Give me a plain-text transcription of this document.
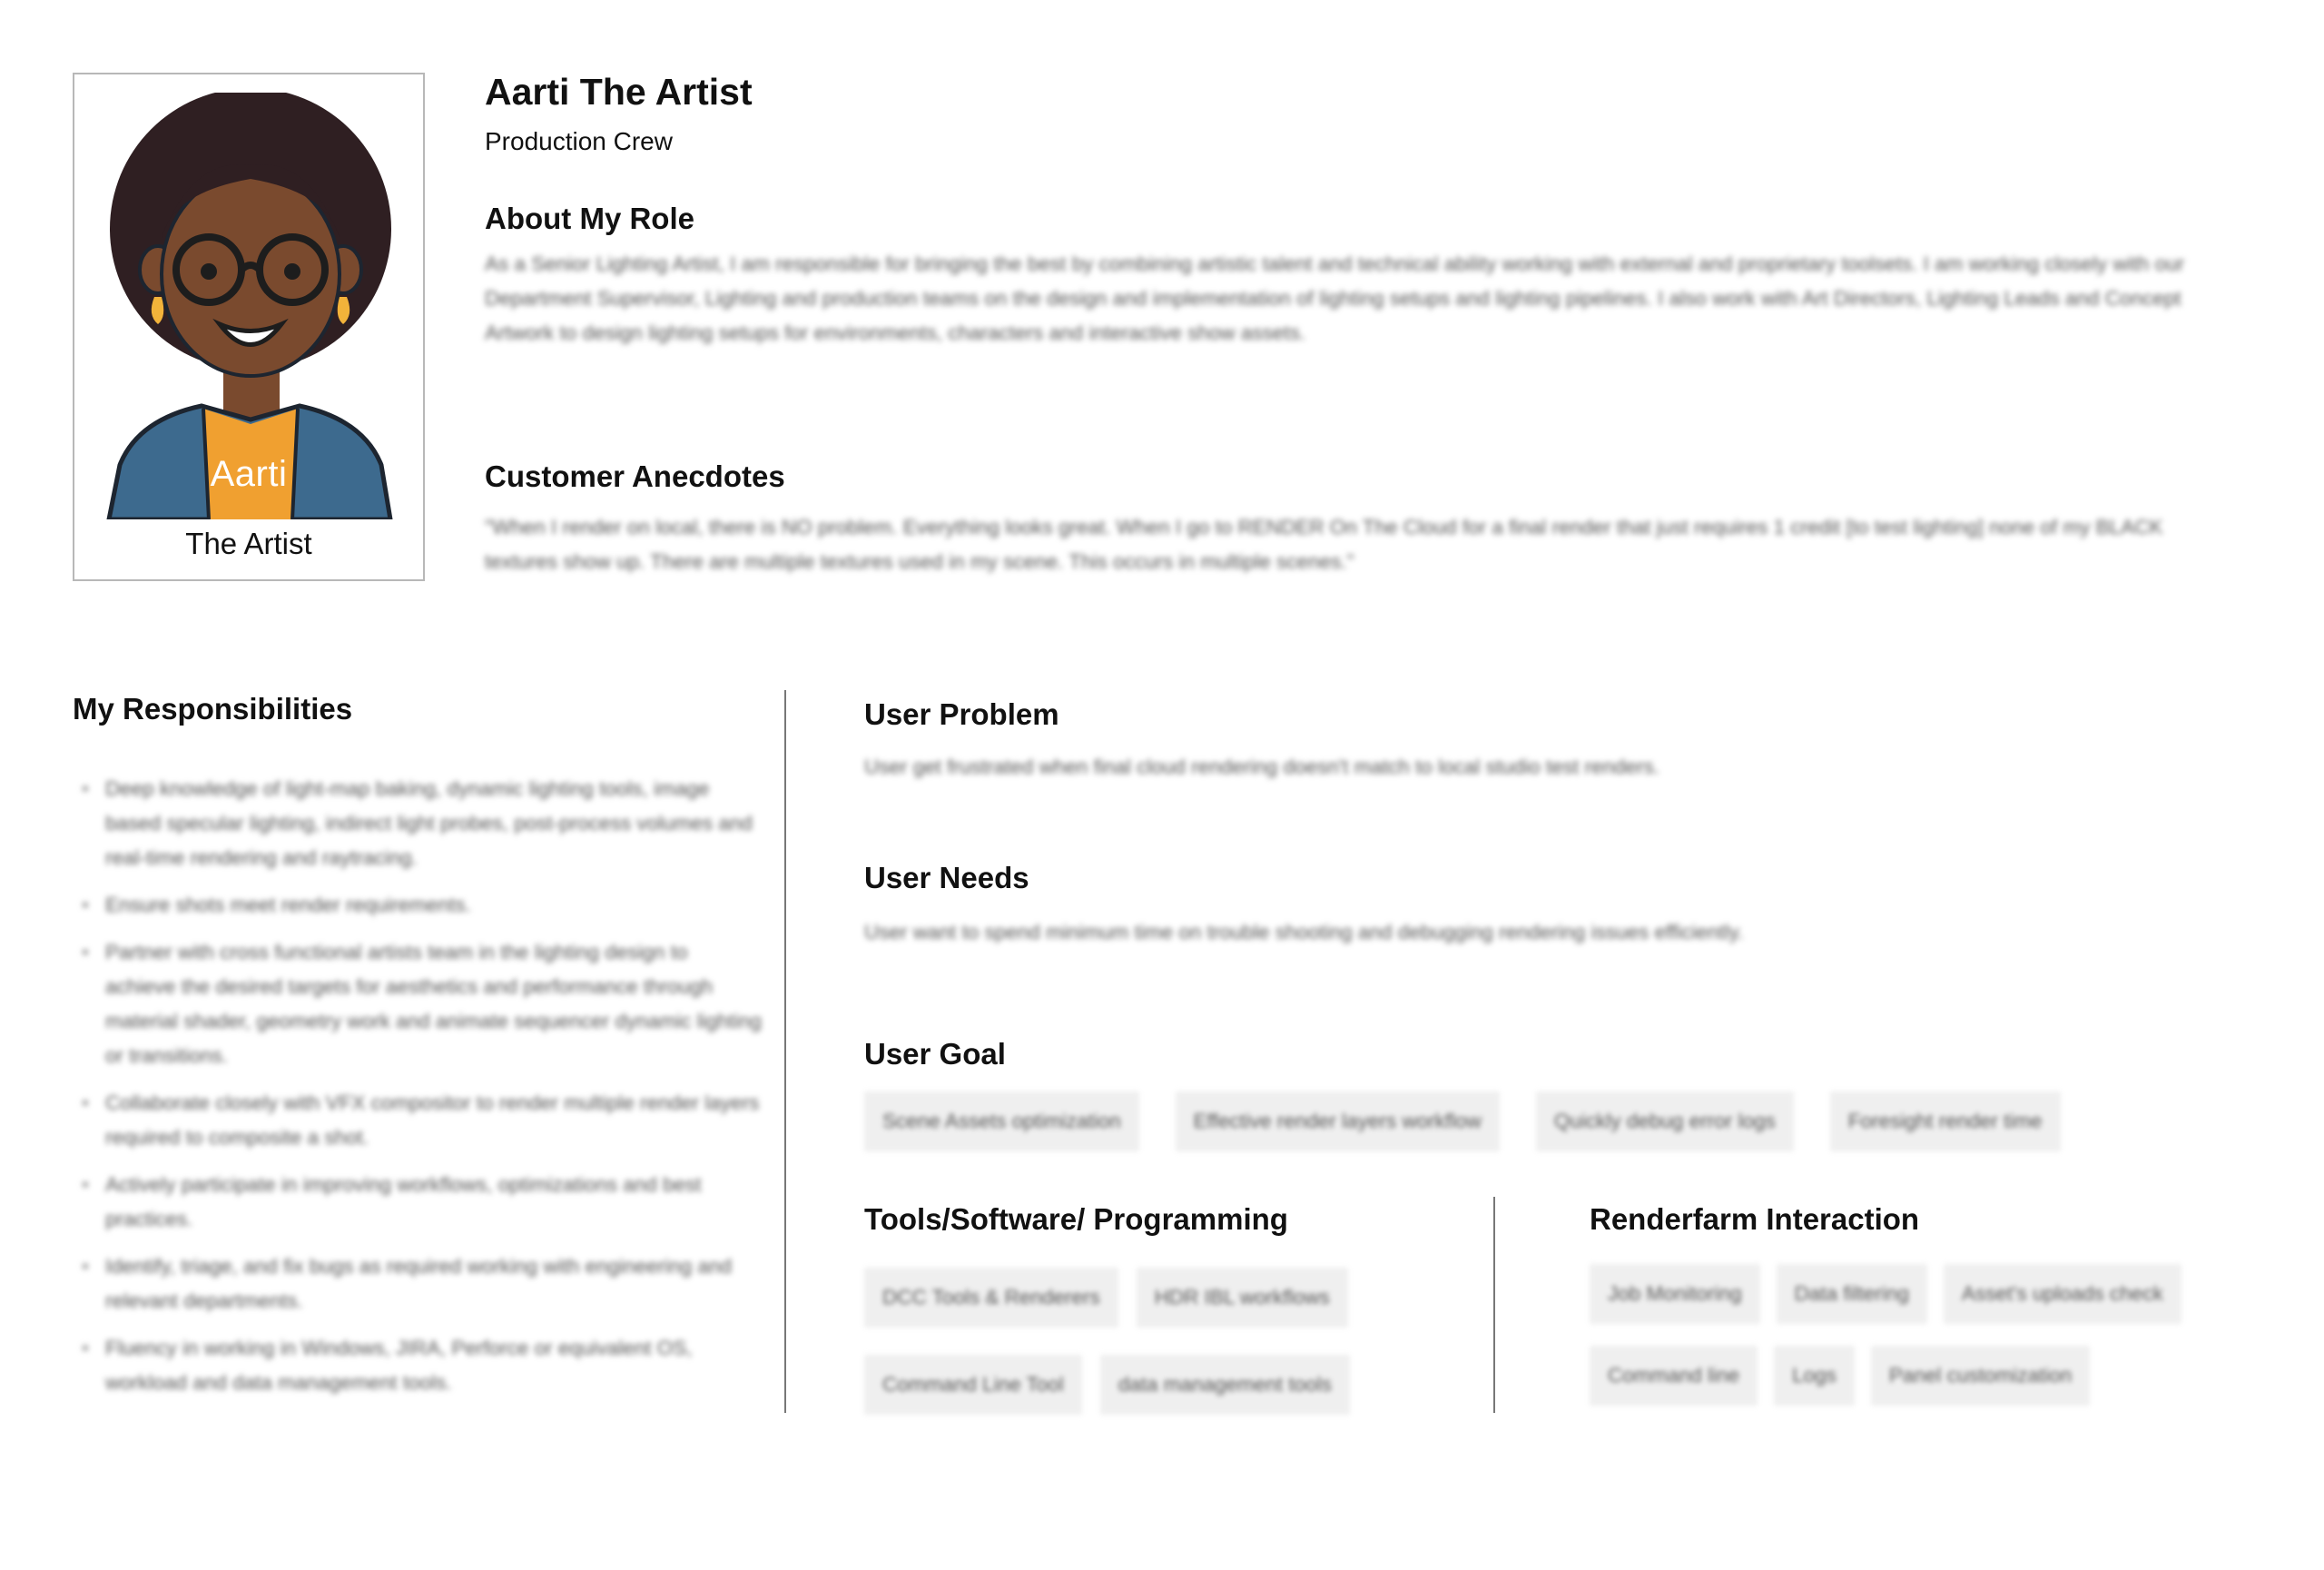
Aarti
The Artist
Aarti The Artist
Production Crew
About My Role
As a Senior Lighting Artist, I am responsible for bringing the best by combining artistic talent and technical ability working with external and proprietary toolsets. I am working closely with our Department Supervisor, Lighting and production teams on the design and implementation of lighting setups and lighting pipelines. I also work with Art Directors, Lighting Leads and Concept Artwork to design lighting setups for environments, characters and interactive show assets.
Customer Anecdotes
"When I render on local, there is NO problem. Everything looks great. When I go to RENDER On The Cloud for a final render that just requires 1 credit [to test lighting] none of my BLACK textures show up. There are multiple textures used in my scene. This occurs in multiple scenes."
My Responsibilities
• Deep knowledge of light-map baking, dynamic lighting tools, image based specular lighting, indirect light probes, post-process volumes and real-time rendering and raytracing.
• Ensure shots meet render requirements.
• Partner with cross functional artists team in the lighting design to achieve the desired targets for aesthetics and performance through material shader, geometry work and animate sequencer dynamic lighting or transitions.
• Collaborate closely with VFX compositor to render multiple render layers required to composite a shot.
• Actively participate in improving workflows, optimizations and best practices.
• Identify, triage, and fix bugs as required working with engineering and relevant departments.
• Fluency in working in Windows, JIRA, Perforce or equivalent OS, workload and data management tools.
User Problem
User get frustrated when final cloud rendering doesn't match to local studio test renders.
User Needs
User want to spend minimum time on trouble shooting and debugging rendering issues efficiently.
User Goal
Scene Assets optimization	Effective render layers workflow	Quickly debug error logs	Foresight render time
Tools/Software/ Programming
DCC Tools & Renderers	HDR IBL workflows
Command Line Tool	data management tools
Renderfarm Interaction
Job Monitoring	Data filtering	Asset's uploads check
Command line	Logs	Panel customization
